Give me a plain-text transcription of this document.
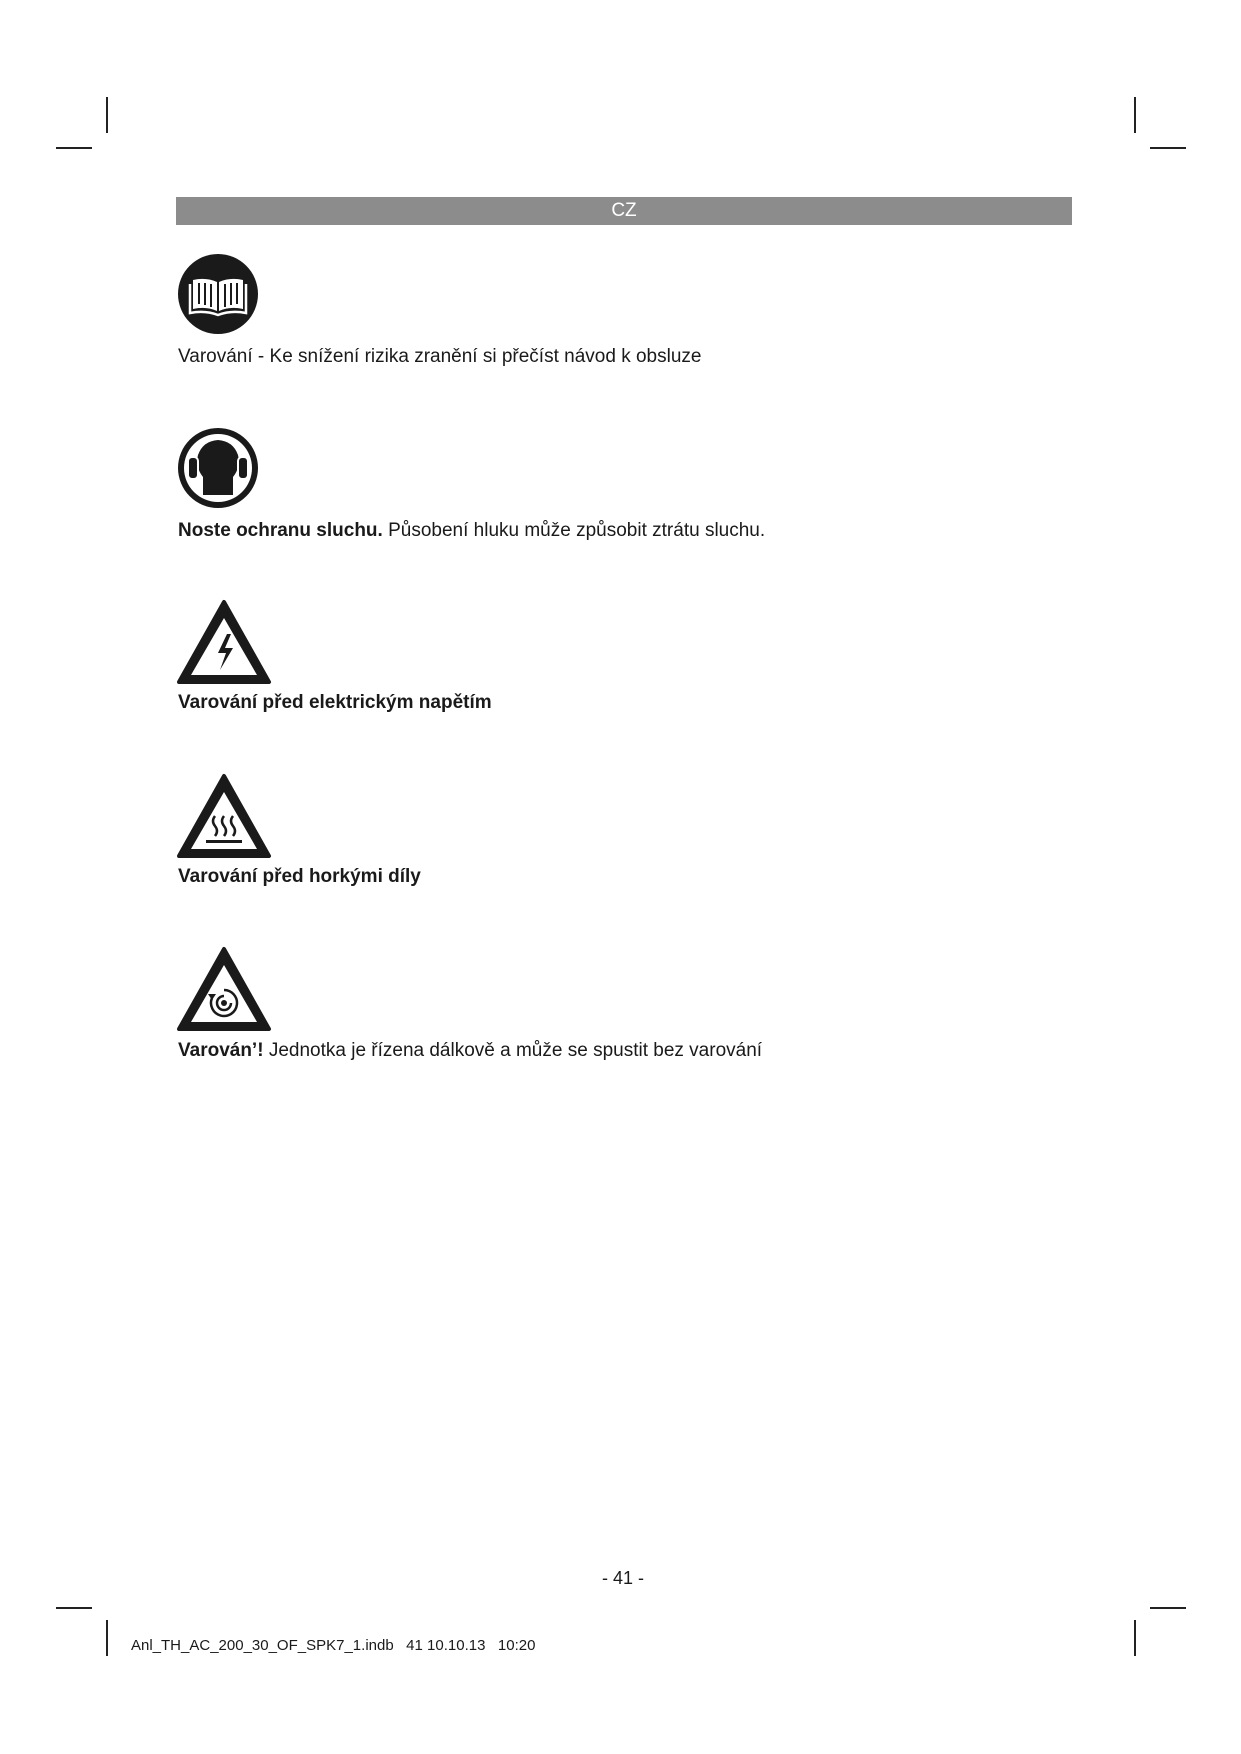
CZ
Varování - Ke snížení rizika zranění si přečíst návod k obsluze
Noste ochranu sluchu. Působení hluku může způsobit ztrátu sluchu.
Varování před elektrickým napětím
Varování před horkými díly
Varován’! Jednotka je řízena dálkově a může se spustit bez varování
- 41 -
Anl_TH_AC_200_30_OF_SPK7_1.indb   41 10.10.13   10:20
